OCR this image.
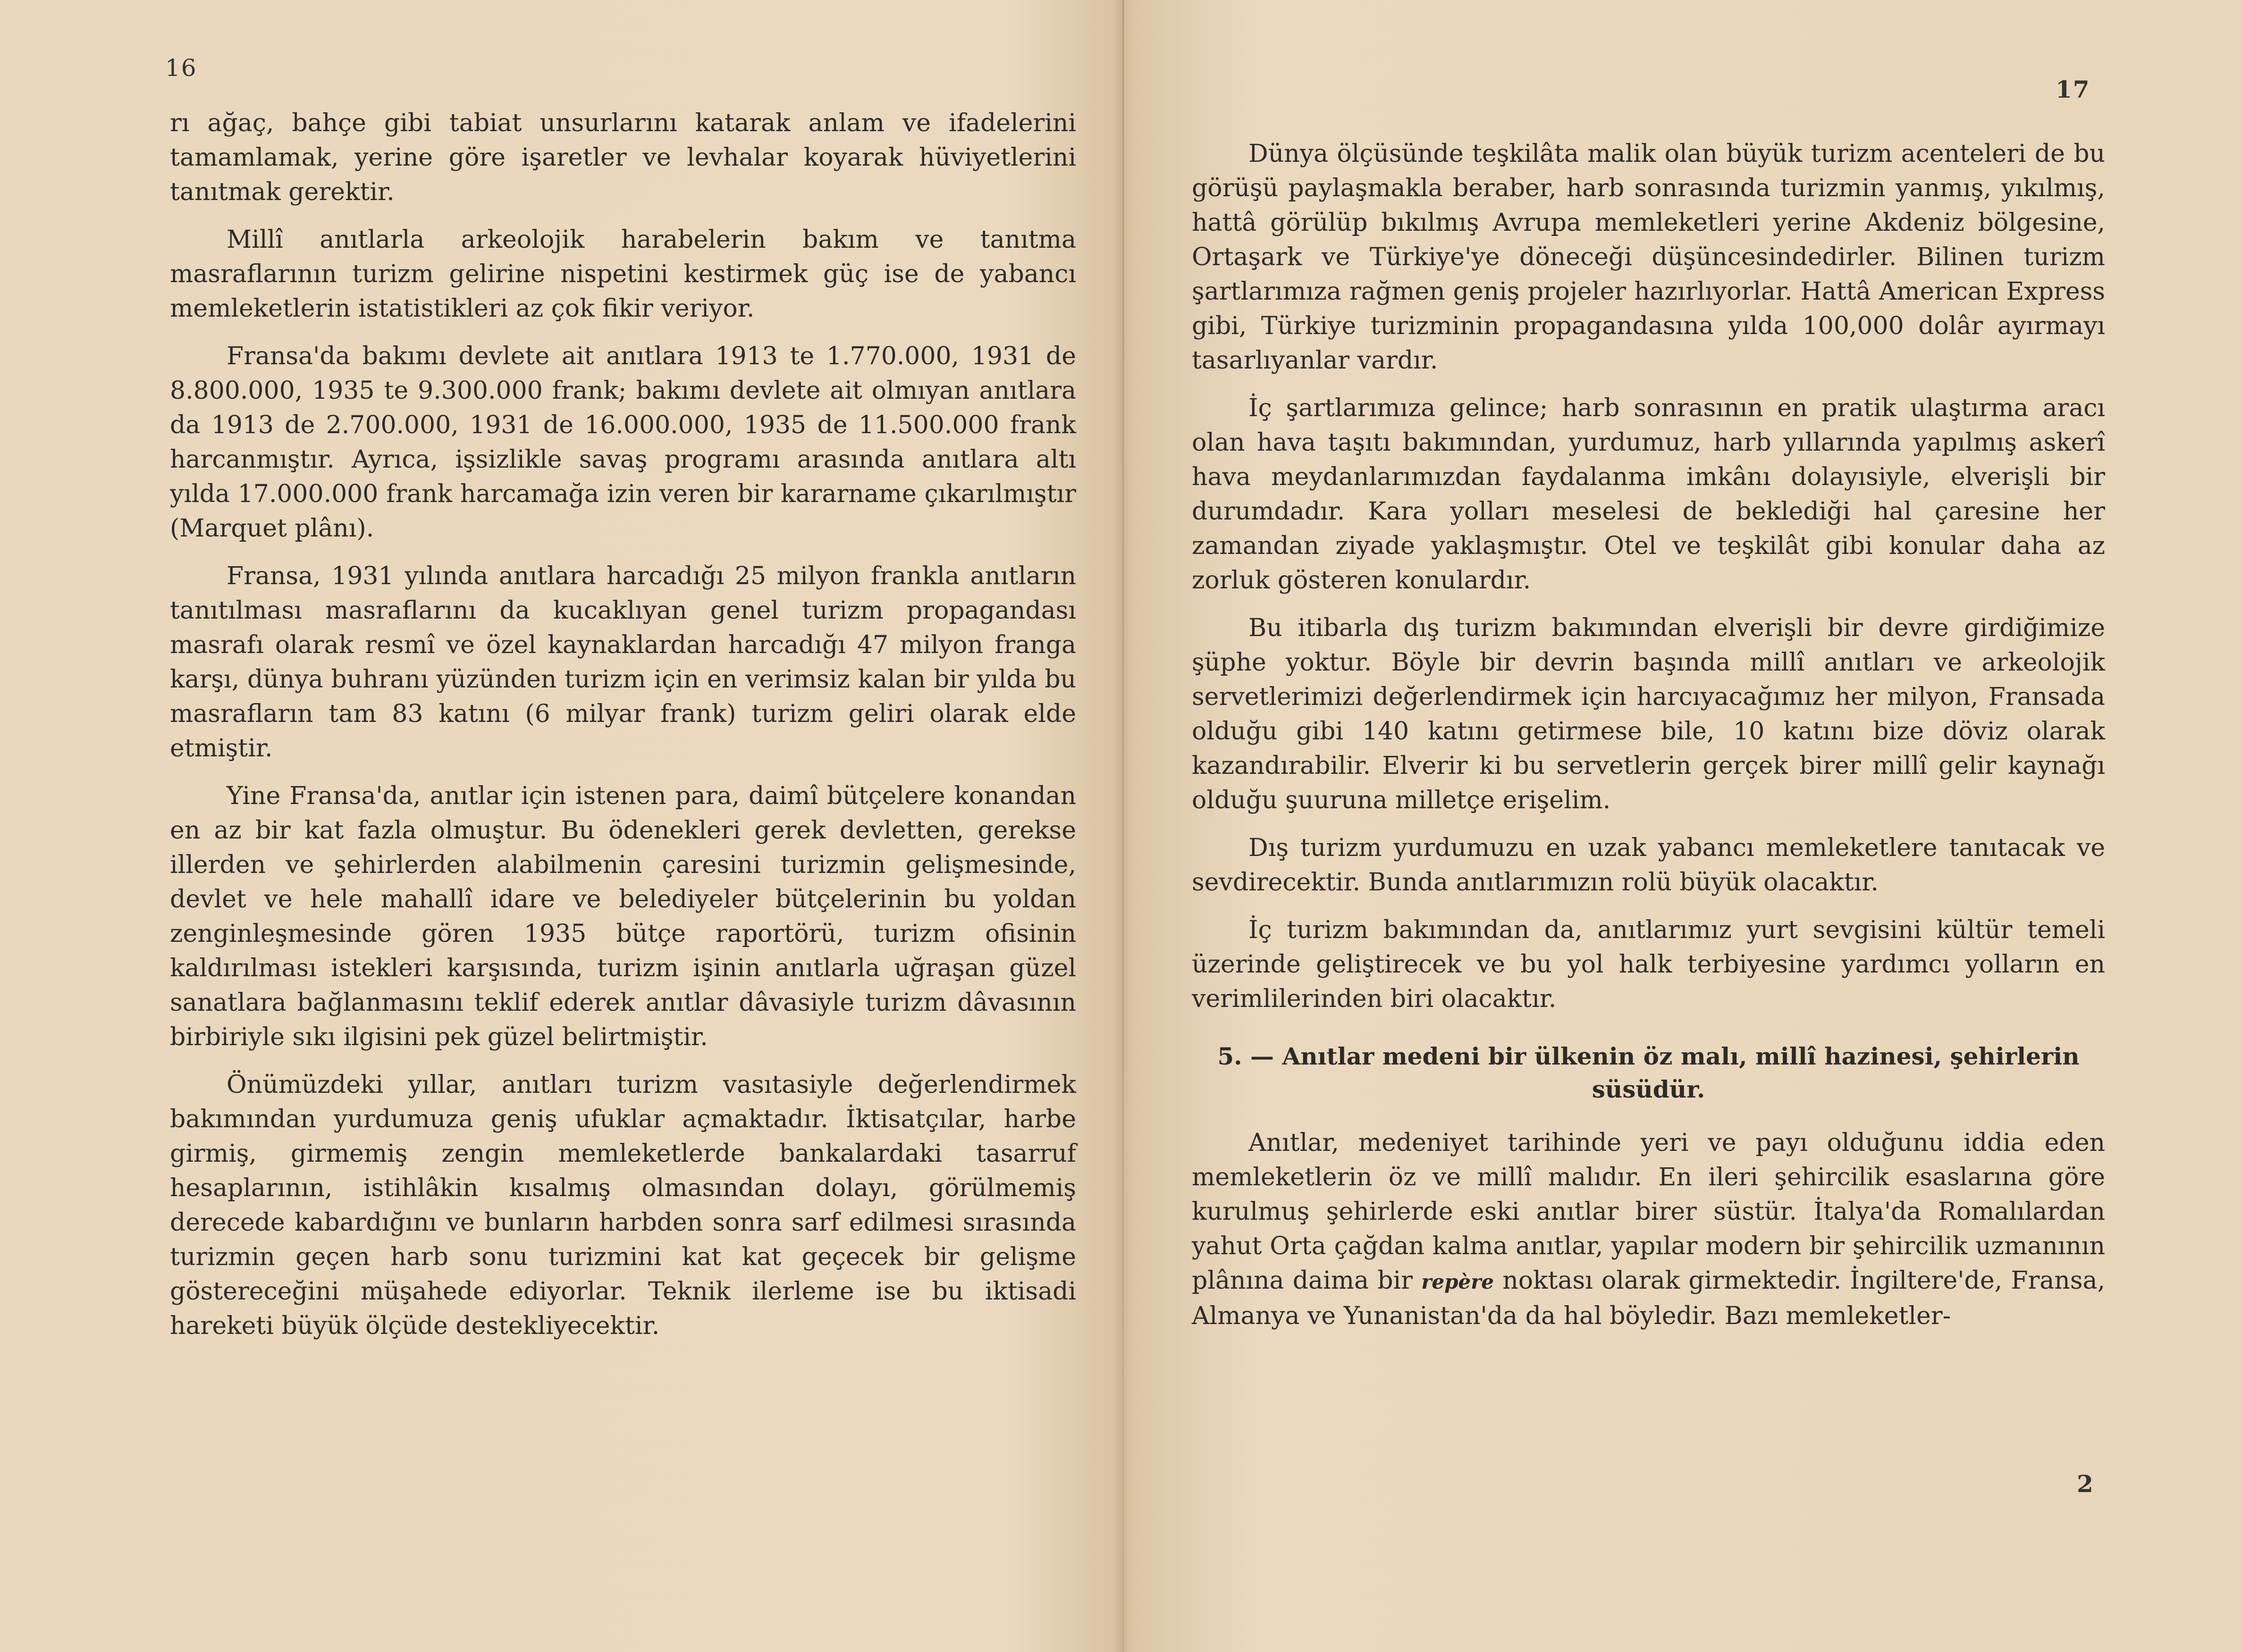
16

rı ağaç, bahçe gibi tabiat unsurlarını katarak anlam ve ifadelerini tamamlamak, yerine göre işaretler ve levhalar koyarak hüviyetlerini tanıtmak gerektir.

Millî anıtlarla arkeolojik harabelerin bakım ve tanıtma masraflarının turizm gelirine nispetini kestirmek güç ise de yabancı memleketlerin istatistikleri az çok fikir veriyor.

Fransa'da bakımı devlete ait anıtlara 1913 te 1.770.000, 1931 de 8.800.000, 1935 te 9.300.000 frank; bakımı devlete ait olmıyan anıtlara da 1913 de 2.700.000, 1931 de 16.000.000, 1935 de 11.500.000 frank harcanmıştır. Ayrıca, işsizlikle savaş programı arasında anıtlara altı yılda 17.000.000 frank harcamağa izin veren bir kararname çıkarılmıştır (Marquet plânı).

Fransa, 1931 yılında anıtlara harcadığı 25 milyon frankla anıtların tanıtılması masraflarını da kucaklıyan genel turizm propagandası masrafı olarak resmî ve özel kaynaklardan harcadığı 47 milyon franga karşı, dünya buhranı yüzünden turizm için en verimsiz kalan bir yılda bu masrafların tam 83 katını (6 milyar frank) turizm geliri olarak elde etmiştir.

Yine Fransa'da, anıtlar için istenen para, daimî bütçelere konandan en az bir kat fazla olmuştur. Bu ödenekleri gerek devletten, gerekse illerden ve şehirlerden alabilmenin çaresini turizmin gelişmesinde, devlet ve hele mahallî idare ve belediyeler bütçelerinin bu yoldan zenginleşmesinde gören 1935 bütçe raportörü, turizm ofisinin kaldırılması istekleri karşısında, turizm işinin anıtlarla uğraşan güzel sanatlara bağlanmasını teklif ederek anıtlar dâvasiyle turizm dâvasının birbiriyle sıkı ilgisini pek güzel belirtmiştir.

Önümüzdeki yıllar, anıtları turizm vasıtasiyle değerlendirmek bakımından yurdumuza geniş ufuklar açmaktadır. İktisatçılar, harbe girmiş, girmemiş zengin memleketlerde bankalardaki tasarruf hesaplarının, istihlâkin kısalmış olmasından dolayı, görülmemiş derecede kabardığını ve bunların harbden sonra sarf edilmesi sırasında turizmin geçen harb sonu turizmini kat kat geçecek bir gelişme göstereceğini müşahede ediyorlar. Teknik ilerleme ise bu iktisadi hareketi büyük ölçüde destekliyecektir.

17

Dünya ölçüsünde teşkilâta malik olan büyük turizm acenteleri de bu görüşü paylaşmakla beraber, harb sonrasında turizmin yanmış, yıkılmış, hattâ görülüp bıkılmış Avrupa memleketleri yerine Akdeniz bölgesine, Ortaşark ve Türkiye'ye döneceği düşüncesindedirler. Bilinen turizm şartlarımıza rağmen geniş projeler hazırlıyorlar. Hattâ American Express gibi, Türkiye turizminin propagandasına yılda 100,000 dolâr ayırmayı tasarlıyanlar vardır.

İç şartlarımıza gelince; harb sonrasının en pratik ulaştırma aracı olan hava taşıtı bakımından, yurdumuz, harb yıllarında yapılmış askerî hava meydanlarımızdan faydalanma imkânı dolayısiyle, elverişli bir durumdadır. Kara yolları meselesi de beklediği hal çaresine her zamandan ziyade yaklaşmıştır. Otel ve teşkilât gibi konular daha az zorluk gösteren konulardır.

Bu itibarla dış turizm bakımından elverişli bir devre girdiğimize şüphe yoktur. Böyle bir devrin başında millî anıtları ve arkeolojik servetlerimizi değerlendirmek için harcıyacağımız her milyon, Fransada olduğu gibi 140 katını getirmese bile, 10 katını bize döviz olarak kazandırabilir. Elverir ki bu servetlerin gerçek birer millî gelir kaynağı olduğu şuuruna milletçe erişelim.

Dış turizm yurdumuzu en uzak yabancı memleketlere tanıtacak ve sevdirecektir. Bunda anıtlarımızın rolü büyük olacaktır.

İç turizm bakımından da, anıtlarımız yurt sevgisini kültür temeli üzerinde geliştirecek ve bu yol halk terbiyesine yardımcı yolların en verimlilerinden biri olacaktır.

5. — Anıtlar medeni bir ülkenin öz malı, millî hazinesi, şehirlerin süsüdür.

Anıtlar, medeniyet tarihinde yeri ve payı olduğunu iddia eden memleketlerin öz ve millî malıdır. En ileri şehircilik esaslarına göre kurulmuş şehirlerde eski anıtlar birer süstür. İtalya'da Romalılardan yahut Orta çağdan kalma anıtlar, yapılar modern bir şehircilik uzmanının plânına daima bir repère noktası olarak girmektedir. İngiltere'de, Fransa, Almanya ve Yunanistan'da da hal böyledir. Bazı memleketler-

2
